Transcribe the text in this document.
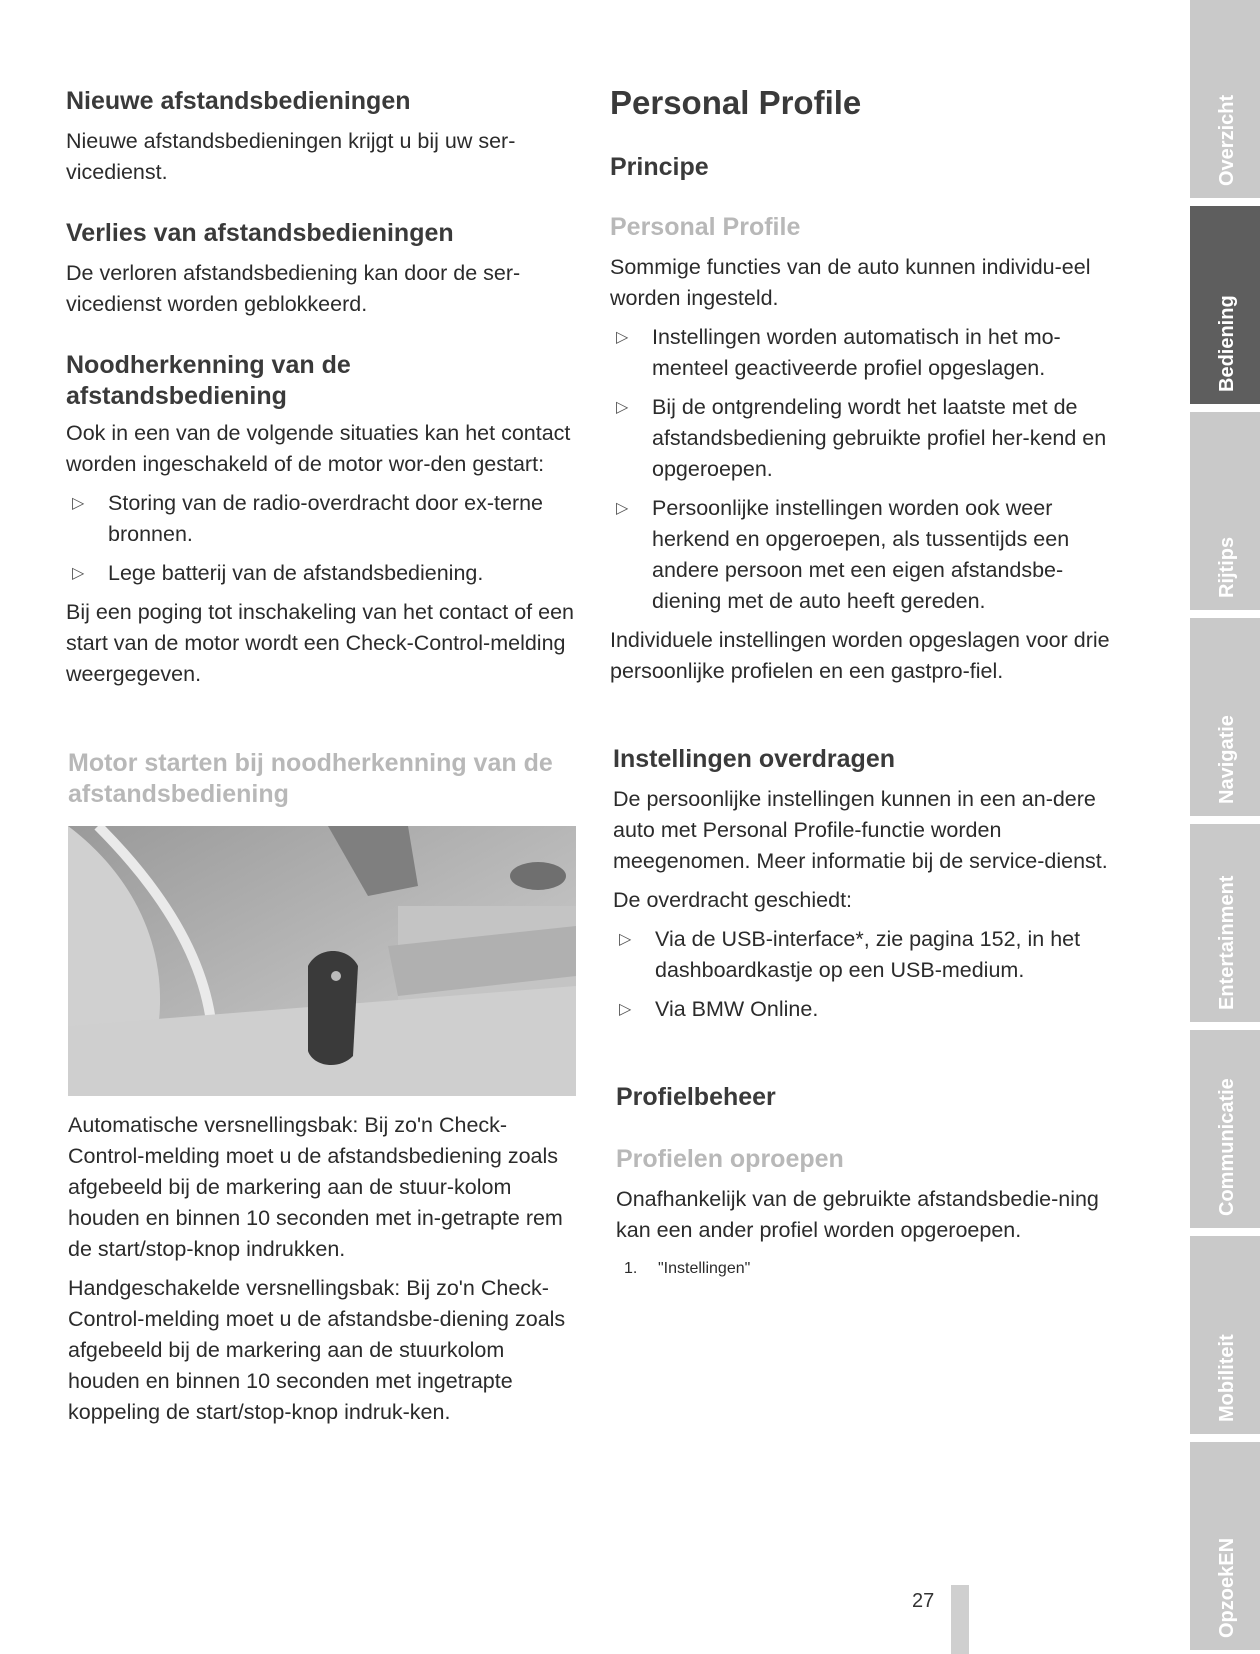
Nieuwe afstandsbedieningen

Nieuwe afstandsbedieningen krijgt u bij uw ser-vicedienst.

Verlies van afstandsbedieningen

De verloren afstandsbediening kan door de ser-vicedienst worden geblokkeerd.

Noodherkenning van de afstandsbediening

Ook in een van de volgende situaties kan het contact worden ingeschakeld of de motor wor-den gestart:

▷ Storing van de radio-overdracht door ex-terne bronnen.
▷ Lege batterij van de afstandsbediening.

Bij een poging tot inschakeling van het contact of een start van de motor wordt een Check-Control-melding weergegeven.

Motor starten bij noodherkenning van de afstandsbediening

Automatische versnellingsbak: Bij zo'n Check-Control-melding moet u de afstandsbediening zoals afgebeeld bij de markering aan de stuur-kolom houden en binnen 10 seconden met in-getrapte rem de start/stop-knop indrukken.

Handgeschakelde versnellingsbak: Bij zo'n Check-Control-melding moet u de afstandsbe-diening zoals afgebeeld bij de markering aan de stuurkolom houden en binnen 10 seconden met ingetrapte koppeling de start/stop-knop indruk-ken.

Personal Profile
Principe
Personal Profile

Sommige functies van de auto kunnen individu-eel worden ingesteld.

▷ Instellingen worden automatisch in het mo-menteel geactiveerde profiel opgeslagen.
▷ Bij de ontgrendeling wordt het laatste met de afstandsbediening gebruikte profiel her-kend en opgeroepen.
▷ Persoonlijke instellingen worden ook weer herkend en opgeroepen, als tussentijds een andere persoon met een eigen afstandsbe-diening met de auto heeft gereden.

Individuele instellingen worden opgeslagen voor drie persoonlijke profielen en een gastpro-fiel.

Instellingen overdragen

De persoonlijke instellingen kunnen in een an-dere auto met Personal Profile-functie worden meegenomen. Meer informatie bij de service-dienst.

De overdracht geschiedt:

▷ Via de USB-interface*, zie pagina 152, in het dashboardkastje op een USB-medium.
▷ Via BMW Online.
Profielbeheer
Profielen oproepen

Onafhankelijk van de gebruikte afstandsbedie-ning kan een ander profiel worden opgeroepen.

1. "Instellingen"
Overzicht
Bediening
Rijtips
Navigatie
Entertainment
Communicatie
Mobiliteit
OpzoekEN
27
